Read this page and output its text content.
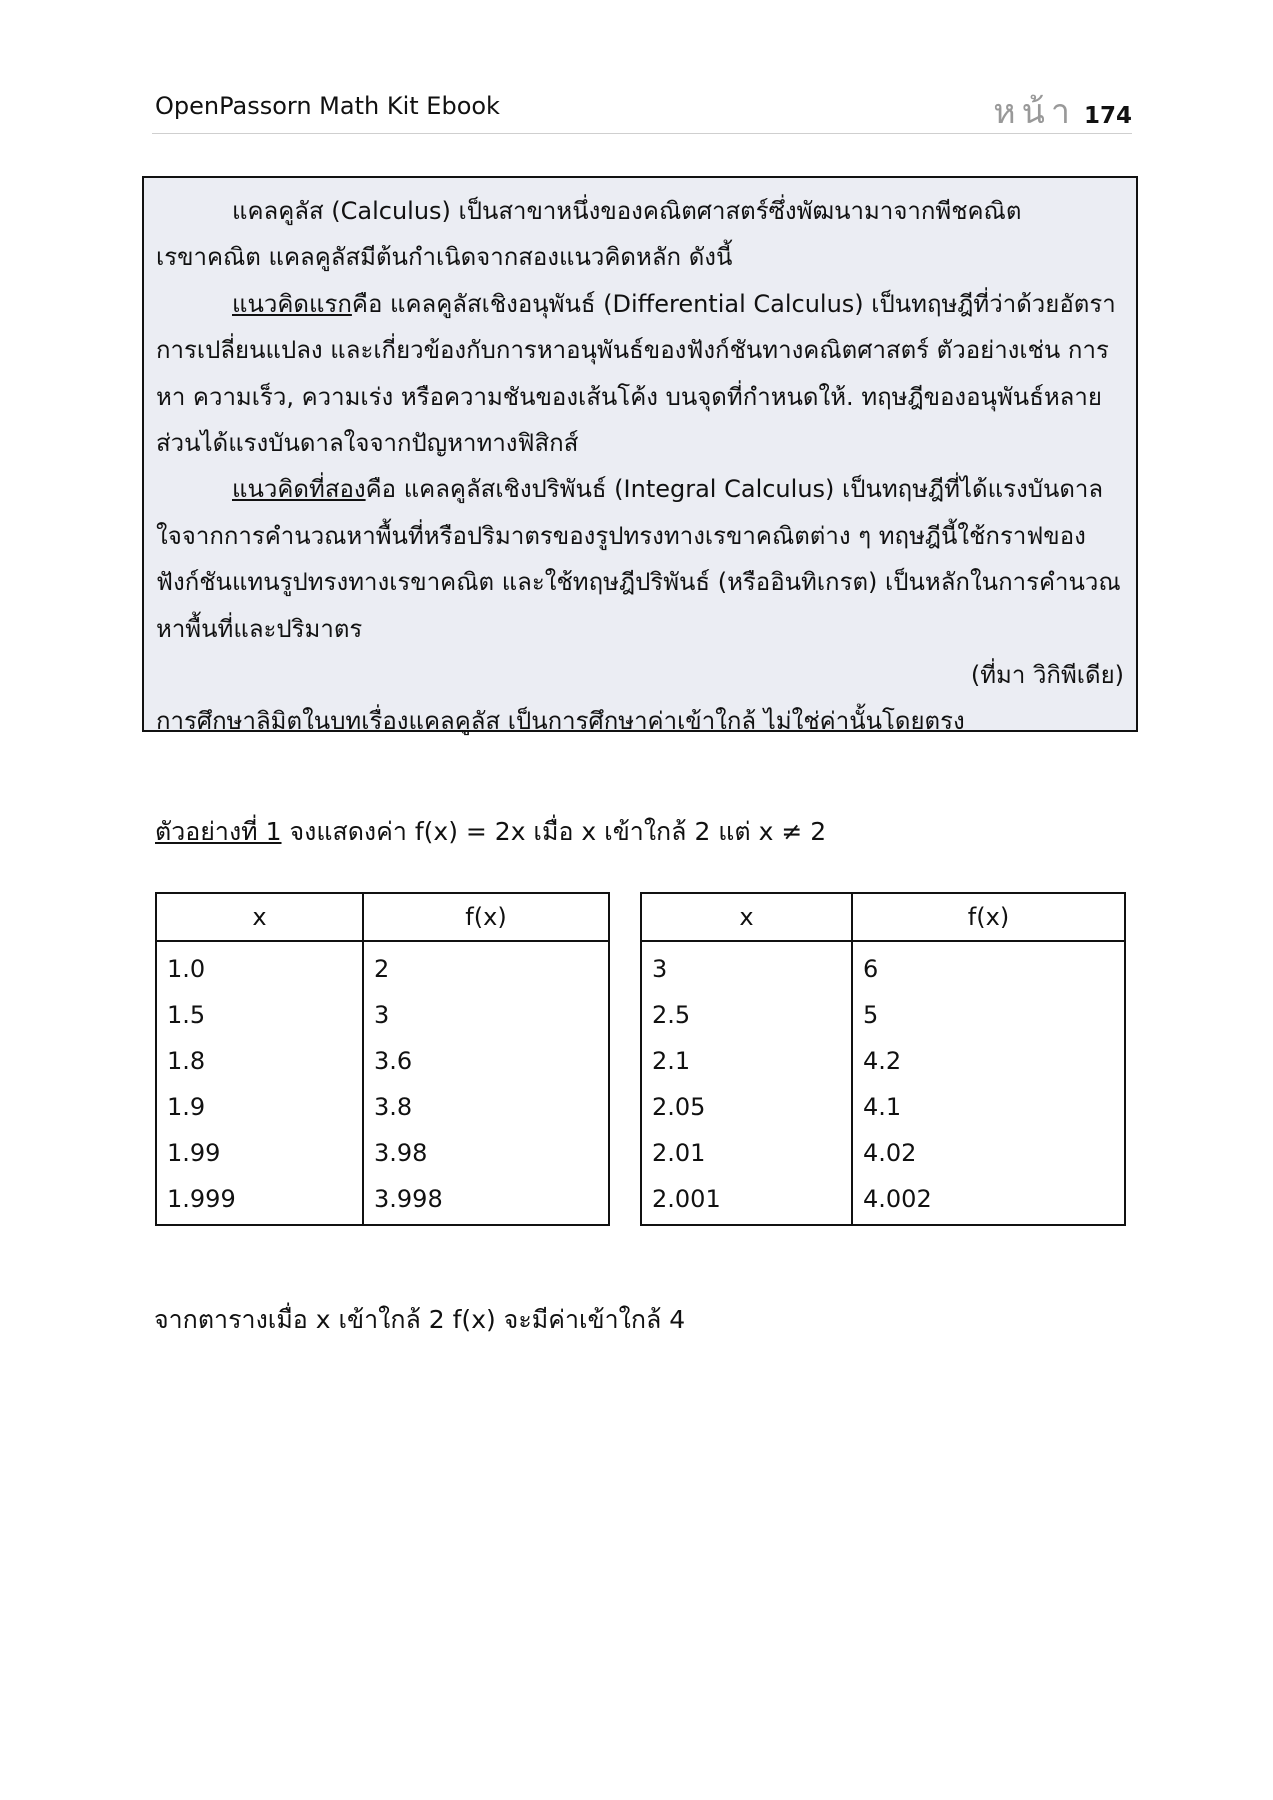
OpenPassorn Math Kit Ebook	หน้า 174

แคลคูลัส (Calculus) เป็นสาขาหนึ่งของคณิตศาสตร์ซึ่งพัฒนามาจากพีชคณิต เรขาคณิต แคลคูลัสมีต้นกำเนิดจากสองแนวคิดหลัก ดังนี้

แนวคิดแรกคือ แคลคูลัสเชิงอนุพันธ์ (Differential Calculus) เป็นทฤษฎีที่ว่าด้วยอัตราการเปลี่ยนแปลง และเกี่ยวข้องกับการหาอนุพันธ์ของฟังก์ชันทางคณิตศาสตร์ ตัวอย่างเช่น การหา ความเร็ว, ความเร่ง หรือความชันของเส้นโค้ง บนจุดที่กำหนดให้. ทฤษฎีของอนุพันธ์หลายส่วนได้แรงบันดาลใจจากปัญหาทางฟิสิกส์

แนวคิดที่สองคือ แคลคูลัสเชิงปริพันธ์ (Integral Calculus) เป็นทฤษฎีที่ได้แรงบันดาลใจจากการคำนวณหาพื้นที่หรือปริมาตรของรูปทรงทางเรขาคณิตต่าง ๆ ทฤษฎีนี้ใช้กราฟของฟังก์ชันแทนรูปทรงทางเรขาคณิต และใช้ทฤษฎีปริพันธ์ (หรืออินทิเกรต) เป็นหลักในการคำนวณหาพื้นที่และปริมาตร

(ที่มา วิกิพีเดีย)

การศึกษาลิมิตในบทเรื่องแคลคูลัส เป็นการศึกษาค่าเข้าใกล้ ไม่ใช่ค่านั้นโดยตรง

ตัวอย่างที่ 1 จงแสดงค่า f(x) = 2x เมื่อ x เข้าใกล้ 2 แต่ x ≠ 2
x	f(x)
1.0	2
1.5	3
1.8	3.6
1.9	3.8
1.99	3.98
1.999	3.998
x	f(x)
3	6
2.5	5
2.1	4.2
2.05	4.1
2.01	4.02
2.001	4.002
จากตารางเมื่อ x เข้าใกล้ 2 f(x) จะมีค่าเข้าใกล้ 4
